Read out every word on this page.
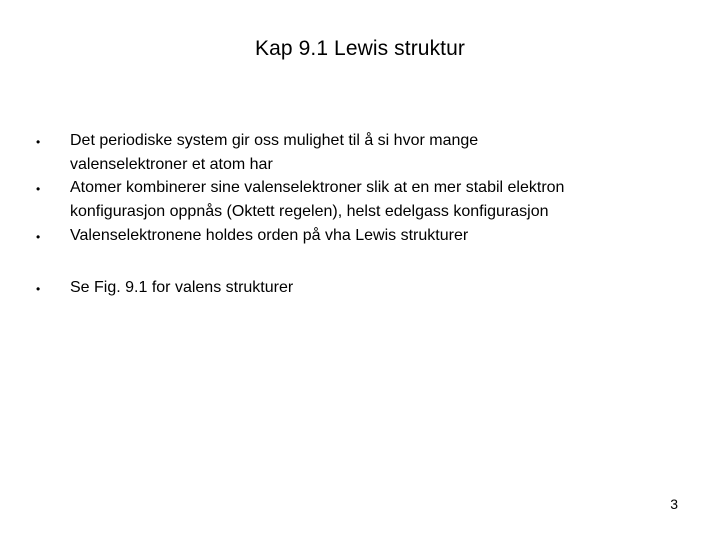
Kap 9.1 Lewis struktur
• Det periodiske system gir oss mulighet til å si hvor mange
valenselektroner et atom har
• Atomer kombinerer sine valenselektroner slik at en mer stabil elektron
konfigurasjon oppnås (Oktett regelen), helst edelgass konfigurasjon
• Valenselektronene holdes orden på vha Lewis strukturer
• Se Fig. 9.1 for valens strukturer
3
